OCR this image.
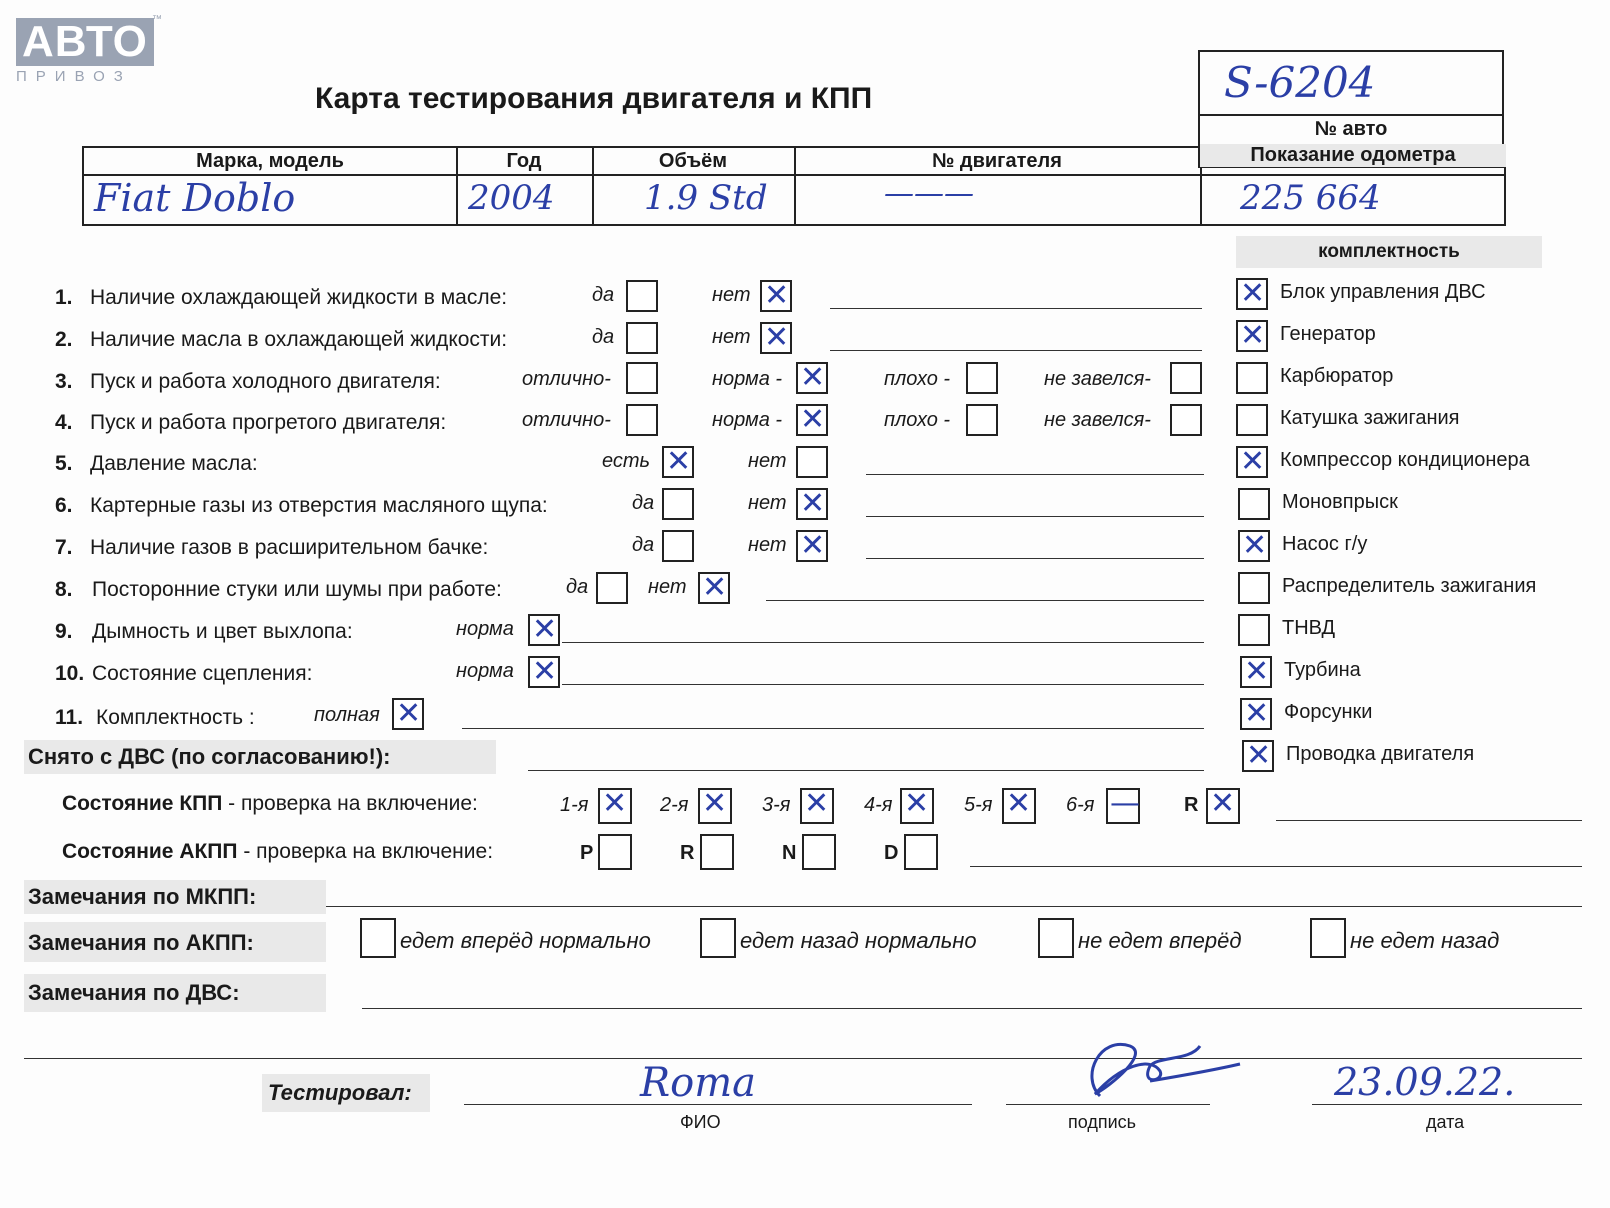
АВТО
ПРИВОЗ
™
Карта тестирования двигателя и КПП	S-6204
№ авто
Марка, модель	Год	Объём	№ двигателя	Показание одометра
Fiat Doblo	2004	1.9 Std	———	225 664
1. Наличие охлаждающей жидкости в масле:	да	нет ✕
2. Наличие масла в охлаждающей жидкости:	да	нет ✕
3. Пуск и работа холодного двигателя:	отлично-	норма - ✕	плохо -	не завелся-
4. Пуск и работа прогретого двигателя:	отлично-	норма - ✕	плохо -	не завелся-
5. Давление масла:	есть ✕	нет
6. Картерные газы из отверстия масляного щупа:	да	нет ✕
7. Наличие газов в расширительном бачке:	да	нет ✕
8. Посторонние стуки или шумы при работе:	да	нет ✕
9. Дымность и цвет выхлопа:	норма ✕
10. Состояние сцепления:	норма ✕
11. Комплектность :	полная ✕
комплектность
✕ Блок управления ДВС
✕ Генератор
Карбюратор
Катушка зажигания
✕ Компрессор кондиционера
Моновпрыск
✕ Насос г/у
Распределитель зажигания
ТНВД
✕ Турбина
✕ Форсунки
✕ Проводка двигателя
Снято с ДВС (по согласованию!):
Состояние КПП - проверка на включение:	1-я ✕ 2-я ✕ 3-я ✕ 4-я ✕ 5-я ✕ 6-я — R ✕
Состояние АКПП - проверка на включение:	P	R	N	D
Замечания по МКПП:
Замечания по АКПП:	едет вперёд нормально	едет назад нормально	не едет вперёд	не едет назад
Замечания по ДВС:
Тестировал:	Roma
ФИО	подпись
23.09.22.
дата
